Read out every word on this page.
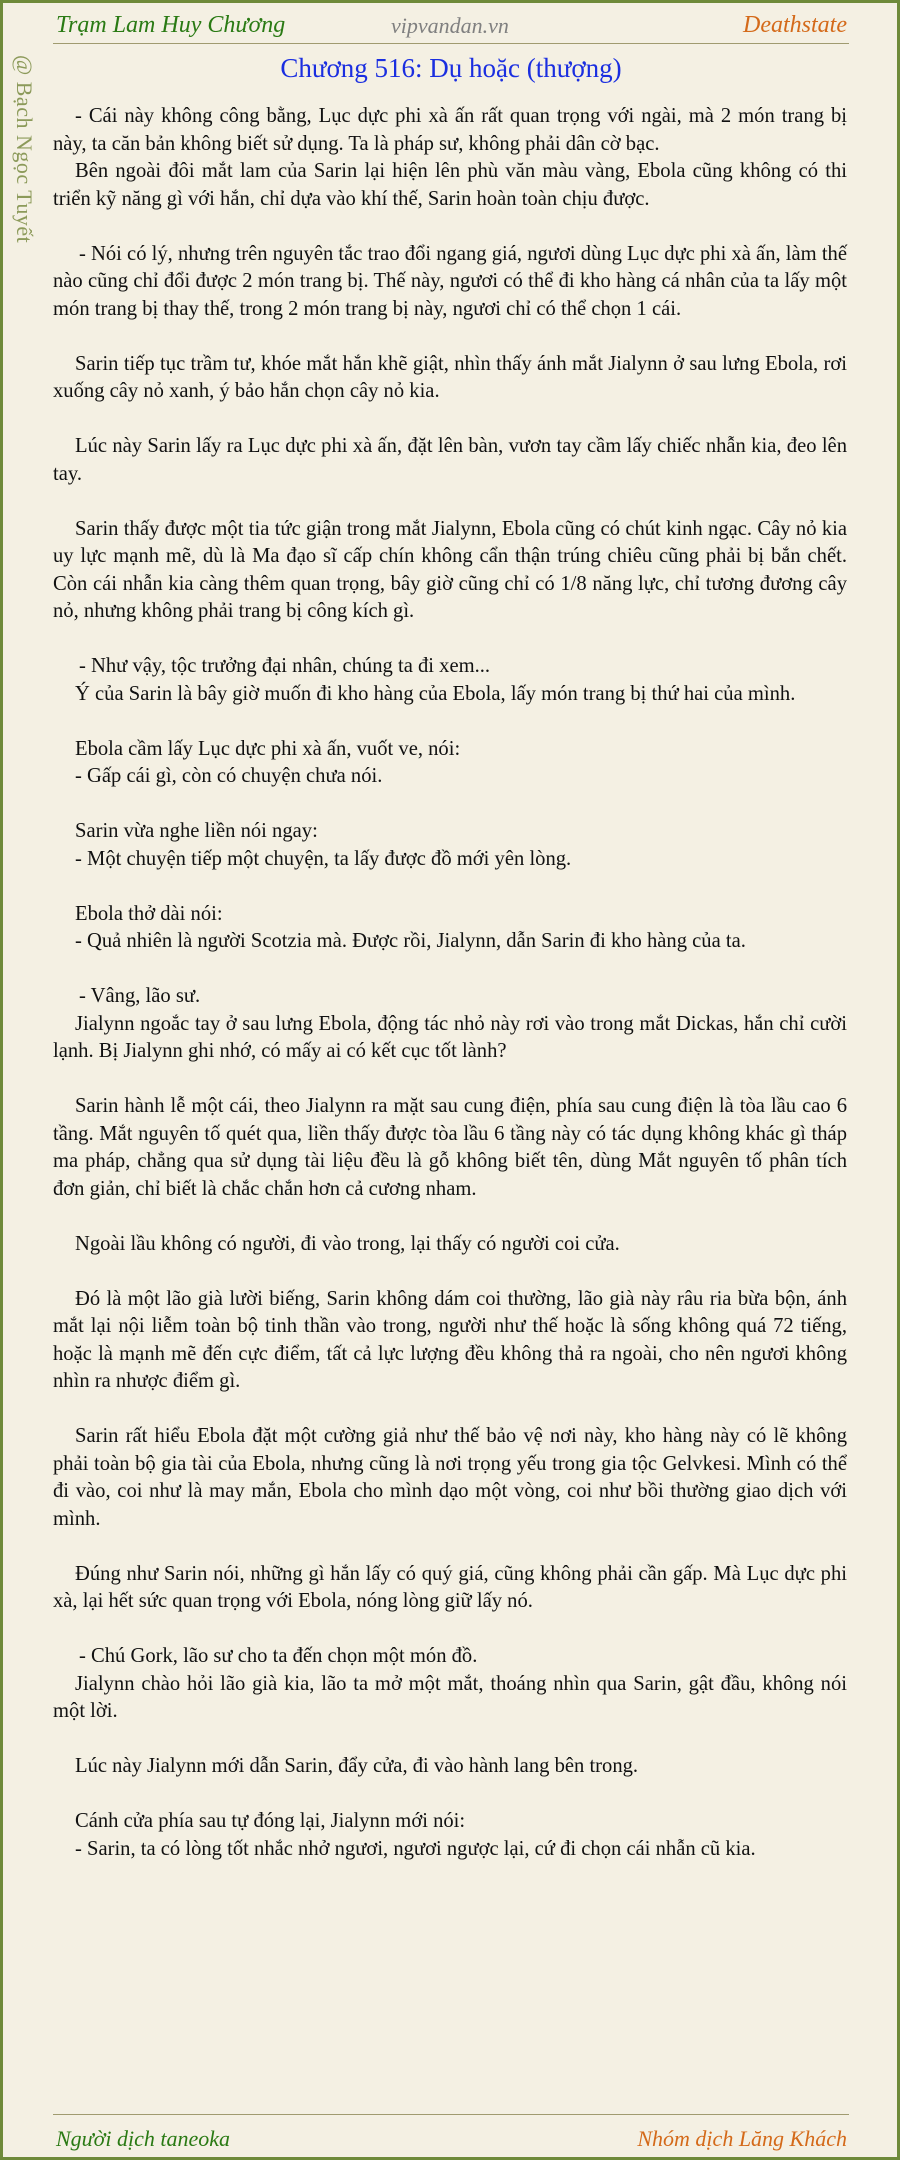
Trạm Lam Huy Chương	vipvandan.vn	Deathstate
@ Bạch Ngọc Tuyết	Chương 516: Dụ hoặc (thượng)

- Cái này không công bằng, Lục dực phi xà ấn rất quan trọng với ngài, mà 2 món trang bị này, ta căn bản không biết sử dụng. Ta là pháp sư, không phải dân cờ bạc.

Bên ngoài đôi mắt lam của Sarin lại hiện lên phù văn màu vàng, Ebola cũng không có thi triển kỹ năng gì với hắn, chỉ dựa vào khí thế, Sarin hoàn toàn chịu được.

- Nói có lý, nhưng trên nguyên tắc trao đổi ngang giá, ngươi dùng Lục dực phi xà ấn, làm thế nào cũng chỉ đổi được 2 món trang bị. Thế này, ngươi có thể đi kho hàng cá nhân của ta lấy một món trang bị thay thế, trong 2 món trang bị này, ngươi chỉ có thể chọn 1 cái.

Sarin tiếp tục trầm tư, khóe mắt hắn khẽ giật, nhìn thấy ánh mắt Jialynn ở sau lưng Ebola, rơi xuống cây nỏ xanh, ý bảo hắn chọn cây nỏ kia.

Lúc này Sarin lấy ra Lục dực phi xà ấn, đặt lên bàn, vươn tay cầm lấy chiếc nhẫn kia, đeo lên tay.

Sarin thấy được một tia tức giận trong mắt Jialynn, Ebola cũng có chút kinh ngạc. Cây nỏ kia uy lực mạnh mẽ, dù là Ma đạo sĩ cấp chín không cẩn thận trúng chiêu cũng phải bị bắn chết. Còn cái nhẫn kia càng thêm quan trọng, bây giờ cũng chỉ có 1/8 năng lực, chỉ tương đương cây nỏ, nhưng không phải trang bị công kích gì.

- Như vậy, tộc trưởng đại nhân, chúng ta đi xem...

Ý của Sarin là bây giờ muốn đi kho hàng của Ebola, lấy món trang bị thứ hai của mình.

Ebola cầm lấy Lục dực phi xà ấn, vuốt ve, nói:

- Gấp cái gì, còn có chuyện chưa nói.

Sarin vừa nghe liền nói ngay:

- Một chuyện tiếp một chuyện, ta lấy được đồ mới yên lòng.

Ebola thở dài nói:

- Quả nhiên là người Scotzia mà. Được rồi, Jialynn, dẫn Sarin đi kho hàng của ta.

- Vâng, lão sư.

Jialynn ngoắc tay ở sau lưng Ebola, động tác nhỏ này rơi vào trong mắt Dickas, hắn chỉ cười lạnh. Bị Jialynn ghi nhớ, có mấy ai có kết cục tốt lành?

Sarin hành lễ một cái, theo Jialynn ra mặt sau cung điện, phía sau cung điện là tòa lầu cao 6 tầng. Mắt nguyên tố quét qua, liền thấy được tòa lầu 6 tầng này có tác dụng không khác gì tháp ma pháp, chẳng qua sử dụng tài liệu đều là gỗ không biết tên, dùng Mắt nguyên tố phân tích đơn giản, chỉ biết là chắc chắn hơn cả cương nham.

Ngoài lầu không có người, đi vào trong, lại thấy có người coi cửa.

Đó là một lão già lười biếng, Sarin không dám coi thường, lão già này râu ria bừa bộn, ánh mắt lại nội liễm toàn bộ tinh thần vào trong, người như thế hoặc là sống không quá 72 tiếng, hoặc là mạnh mẽ đến cực điểm, tất cả lực lượng đều không thả ra ngoài, cho nên ngươi không nhìn ra nhược điểm gì.

Sarin rất hiểu Ebola đặt một cường giả như thế bảo vệ nơi này, kho hàng này có lẽ không phải toàn bộ gia tài của Ebola, nhưng cũng là nơi trọng yếu trong gia tộc Gelvkesi. Mình có thể đi vào, coi như là may mắn, Ebola cho mình dạo một vòng, coi như bồi thường giao dịch với mình.

Đúng như Sarin nói, những gì hắn lấy có quý giá, cũng không phải cần gấp. Mà Lục dực phi xà, lại hết sức quan trọng với Ebola, nóng lòng giữ lấy nó.

- Chú Gork, lão sư cho ta đến chọn một món đồ.

Jialynn chào hỏi lão già kia, lão ta mở một mắt, thoáng nhìn qua Sarin, gật đầu, không nói một lời.

Lúc này Jialynn mới dẫn Sarin, đẩy cửa, đi vào hành lang bên trong.

Cánh cửa phía sau tự đóng lại, Jialynn mới nói:

- Sarin, ta có lòng tốt nhắc nhở ngươi, ngươi ngược lại, cứ đi chọn cái nhẫn cũ kia.

Người dịch taneoka	Nhóm dịch Lăng Khách
